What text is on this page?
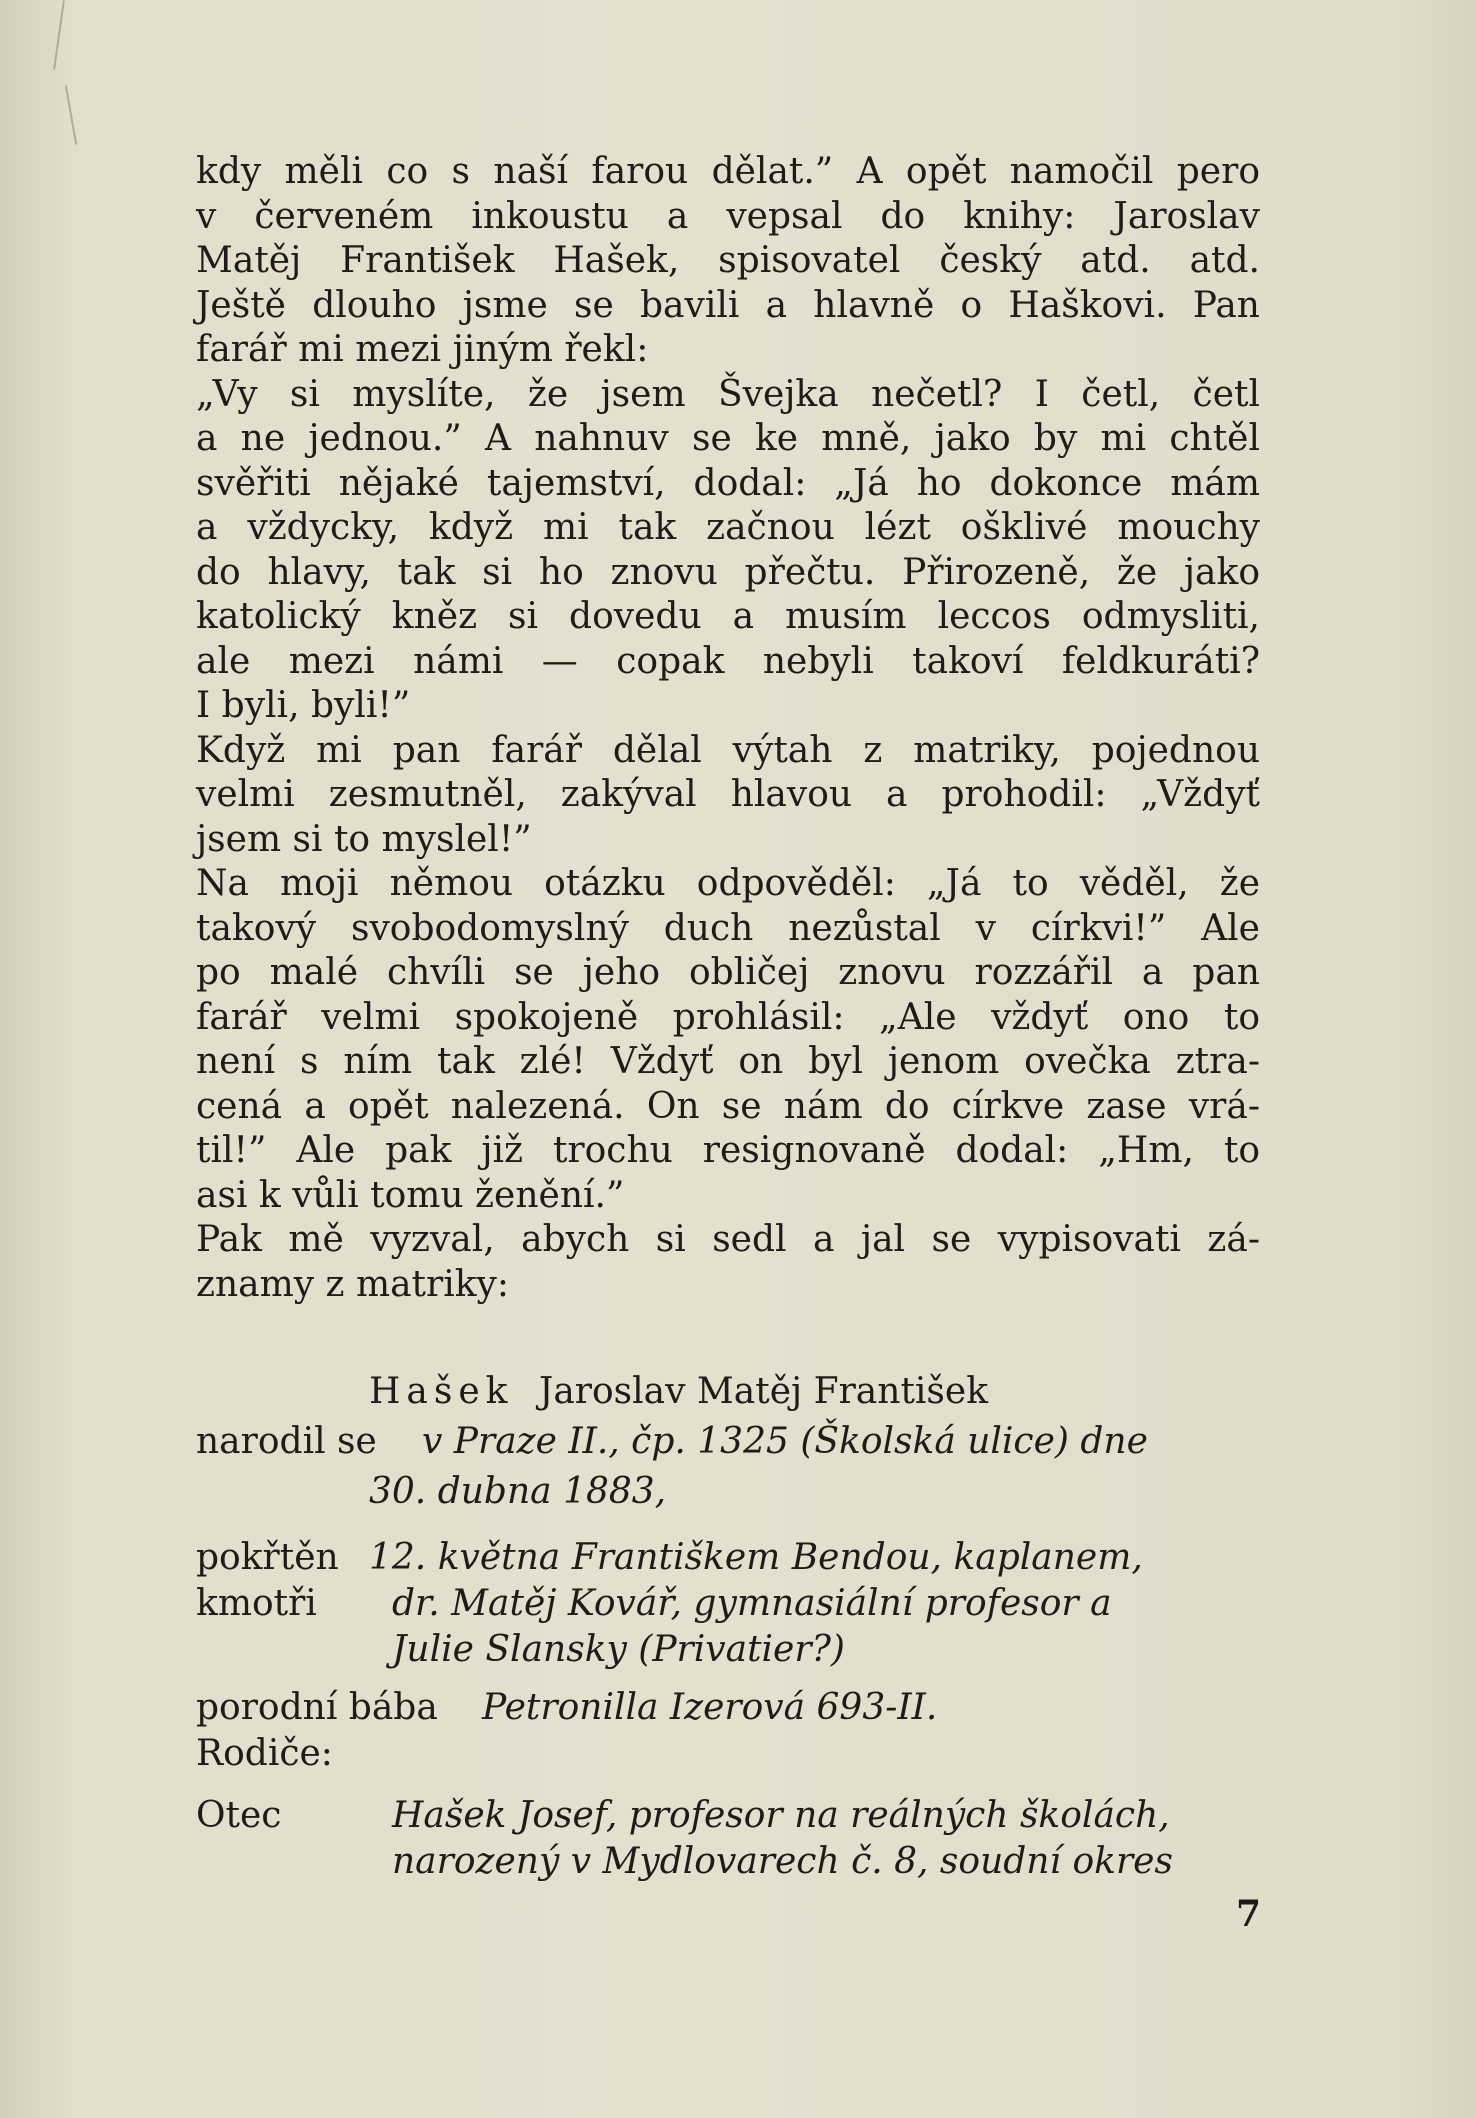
kdy měli co s naší farou dělat.” A opět namočil pero
v červeném inkoustu a vepsal do knihy: Jaroslav
Matěj František Hašek, spisovatel český atd. atd.
Ještě dlouho jsme se bavili a hlavně o Haškovi. Pan
farář mi mezi jiným řekl:
„Vy si myslíte, že jsem Švejka nečetl? I četl, četl
a ne jednou.” A nahnuv se ke mně, jako by mi chtěl
svěřiti nějaké tajemství, dodal: „Já ho dokonce mám
a vždycky, když mi tak začnou lézt ošklivé mouchy
do hlavy, tak si ho znovu přečtu. Přirozeně, že jako
katolický kněz si dovedu a musím leccos odmysliti,
ale mezi námi — copak nebyli takoví feldkuráti?
I byli, byli!”
Když mi pan farář dělal výtah z matriky, pojednou
velmi zesmutněl, zakýval hlavou a prohodil: „Vždyť
jsem si to myslel!”
Na moji němou otázku odpověděl: „Já to věděl, že
takový svobodomyslný duch nezůstal v církvi!” Ale
po malé chvíli se jeho obličej znovu rozzářil a pan
farář velmi spokojeně prohlásil: „Ale vždyť ono to
není s ním tak zlé! Vždyť on byl jenom ovečka ztra-
cená a opět nalezená. On se nám do církve zase vrá-
til!” Ale pak již trochu resignovaně dodal: „Hm, to
asi k vůli tomu ženění.”
Pak mě vyzval, abych si sedl a jal se vypisovati zá-
znamy z matriky:
Hašek Jaroslav Matěj František
narodil se v Praze II., čp. 1325 (Školská ulice) dne
30. dubna 1883,
pokřtěn 12. května Františkem Bendou, kaplanem,
kmotři dr. Matěj Kovář, gymnasiální profesor a
Julie Slansky (Privatier?)
porodní bába Petronilla Izerová 693-II.
Rodiče:
Otec	Hašek Josef, profesor na reálných školách,
narozený v Mydlovarech č. 8, soudní okres
7
